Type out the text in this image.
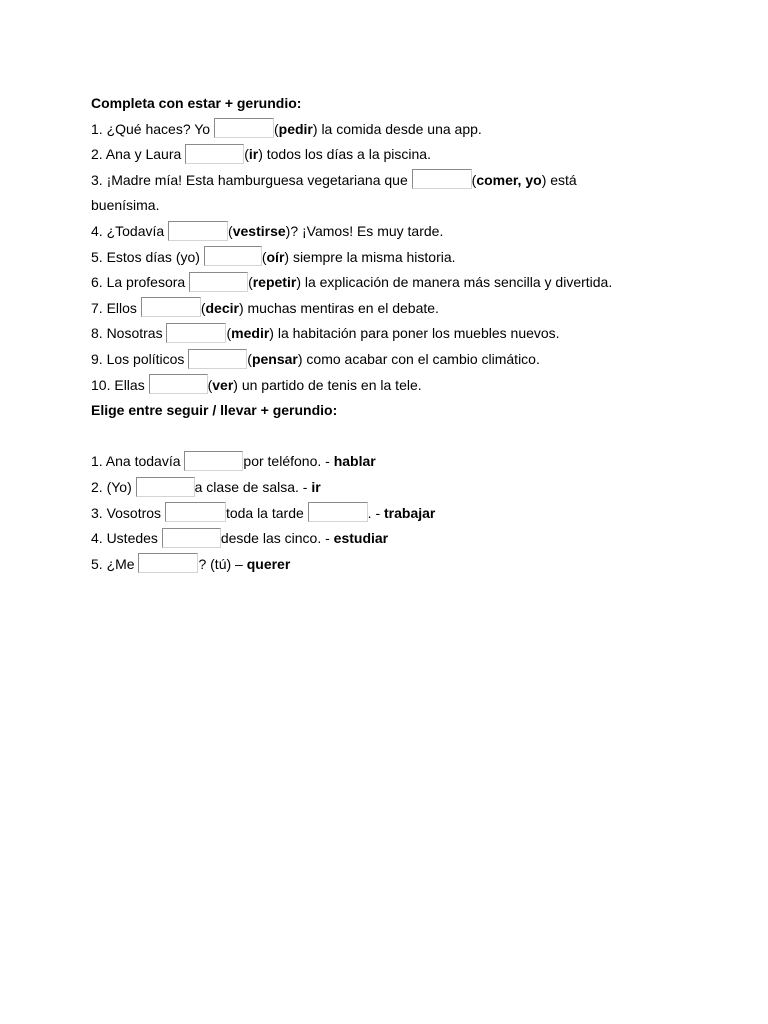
Completa con estar + gerundio:
1. ¿Qué haces? Yo	(pedir) la comida desde una app.
2. Ana y Laura	(ir) todos los días a la piscina.
3. ¡Madre mía! Esta hamburguesa vegetariana que	(comer, yo) está
buenísima.
4. ¿Todavía	(vestirse)? ¡Vamos! Es muy tarde.
5. Estos días (yo)	(oír) siempre la misma historia.
6. La profesora	(repetir) la explicación de manera más sencilla y divertida.
7. Ellos	(decir) muchas mentiras en el debate.
8. Nosotras	(medir) la habitación para poner los muebles nuevos.
9. Los políticos	(pensar) como acabar con el cambio climático.
10. Ellas	(ver) un partido de tenis en la tele.
Elige entre seguir / llevar + gerundio:
1. Ana todavía	por teléfono. - hablar
2. (Yo)	a clase de salsa. - ir
3. Vosotros	toda la tarde	. - trabajar
4. Ustedes	desde las cinco. - estudiar
5. ¿Me	? (tú) – querer
